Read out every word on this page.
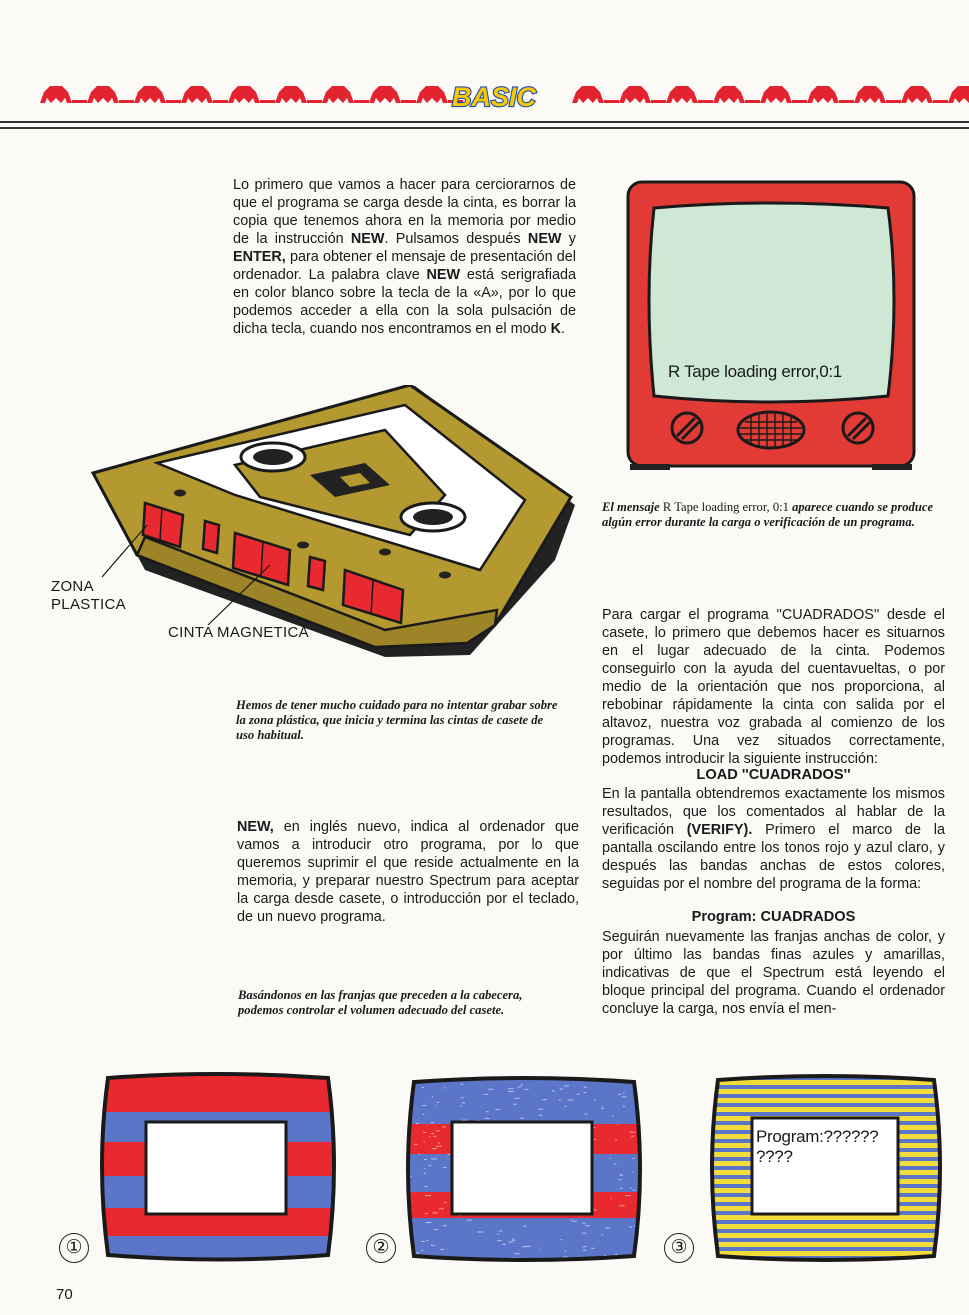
BASIC
Lo primero que vamos a hacer para cerciorarnos de que el programa se carga desde la cinta, es borrar la copia que tenemos ahora en la memoria por medio de la instrucción NEW. Pulsamos después NEW y ENTER, para obtener el mensaje de presentación del ordenador. La palabra clave NEW está serigrafiada en color blanco sobre la tecla de la «A», por lo que podemos acceder a ella con la sola pulsación de dicha tecla, cuando nos encontramos en el modo K.
ZONA
PLASTICA
CINTA MAGNETICA
Hemos de tener mucho cuidado para no intentar grabar sobre la zona plástica, que inicia y termina las cintas de casete de uso habitual.
NEW, en inglés nuevo, indica al ordenador que vamos a introducir otro programa, por lo que queremos suprimir el que reside actualmente en la memoria, y preparar nuestro Spectrum para aceptar la carga desde casete, o introducción por el teclado, de un nuevo programa.
Basándonos en las franjas que preceden a la cabecera, podemos controlar el volumen adecuado del casete.
R Tape loading error,0:1
El mensaje R Tape loading error, 0:1 aparece cuando se produce algún error durante la carga o verificación de un programa.
Para cargar el programa ''CUADRADOS'' desde el casete, lo primero que debemos hacer es situarnos en el lugar adecuado de la cinta. Podemos conseguirlo con la ayuda del cuentavueltas, o por medio de la orientación que nos proporciona, al rebobinar rápidamente la cinta con salida por el altavoz, nuestra voz grabada al comienzo de los programas. Una vez situados correctamente, podemos introducir la siguiente instrucción:
LOAD ''CUADRADOS''
En la pantalla obtendremos exactamente los mismos resultados, que los comentados al hablar de la verificación (VERIFY). Primero el marco de la pantalla oscilando entre los tonos rojo y azul claro, y después las bandas anchas de estos colores, seguidas por el nombre del programa de la forma:
Program: CUADRADOS
Seguirán nuevamente las franjas anchas de color, y por último las bandas finas azules y amarillas, indicativas de que el Spectrum está leyendo el bloque principal del programa. Cuando el ordenador concluye la carga, nos envía el men-
①	②
Program:??????
????
③
70
